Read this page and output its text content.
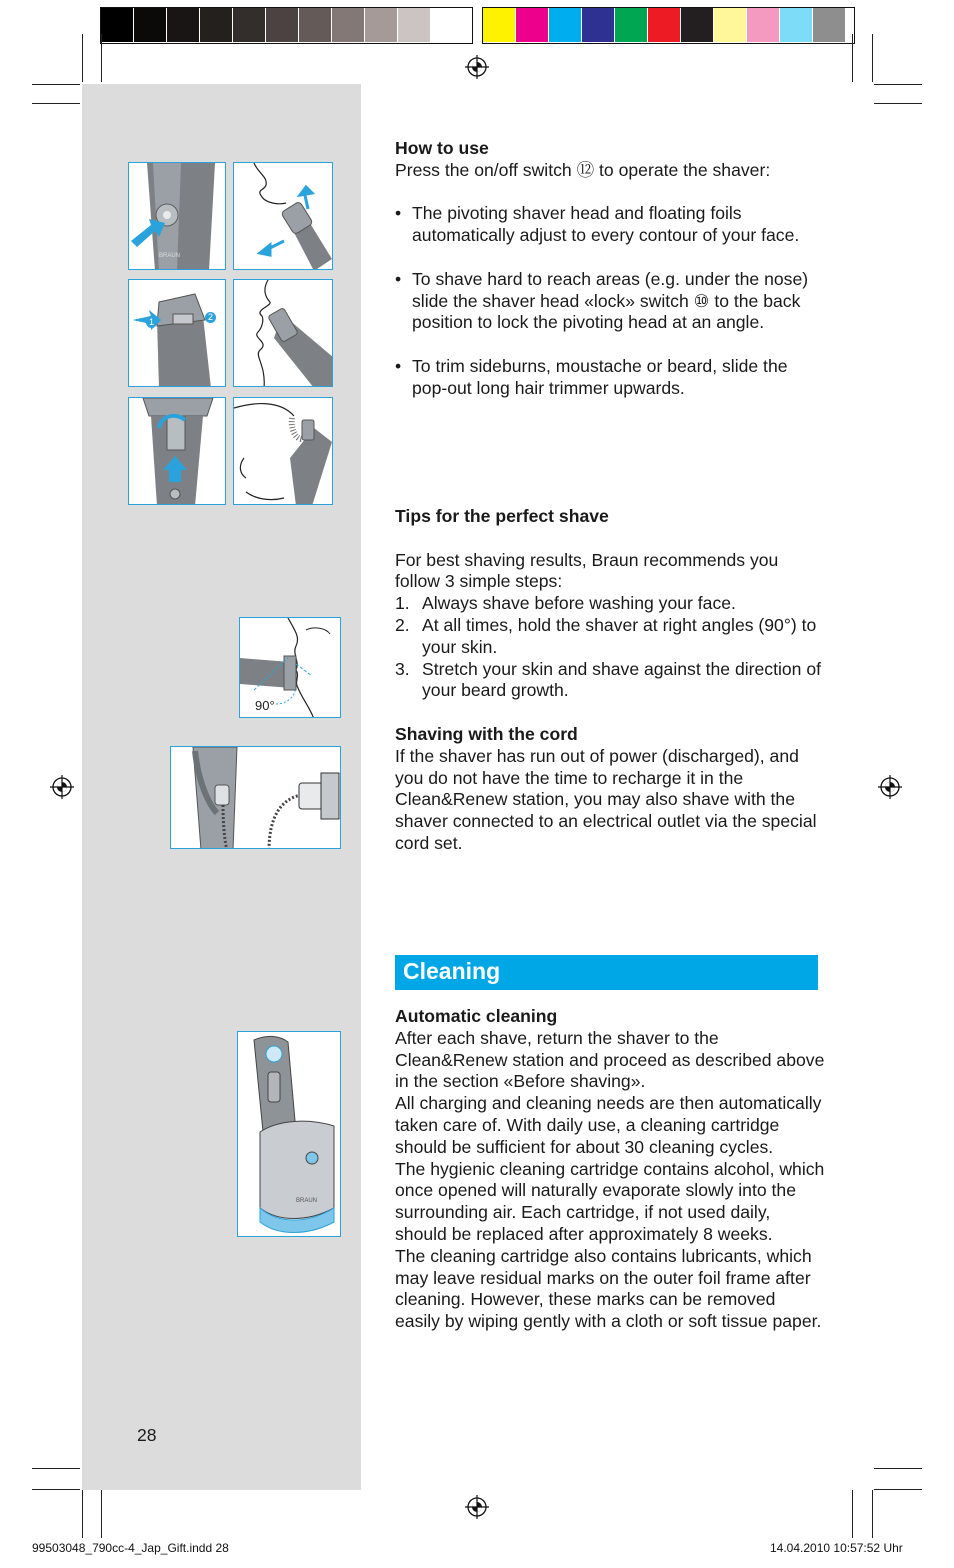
BRAUN
1	2
90°
BRAUN

How to use

Press the on/off switch ⑫ to operate the shaver:

• The pivoting shaver head and floating foils automatically adjust to every contour of your face.

• To shave hard to reach areas (e.g. under the nose) slide the shaver head «lock» switch ⑩ to the back position to lock the pivoting head at an angle.

• To trim sideburns, moustache or beard, slide the pop-out long hair trimmer upwards.

Tips for the perfect shave

For best shaving results, Braun recommends you follow 3 simple steps:

1. Always shave before washing your face.
2. At all times, hold the shaver at right angles (90°) to your skin.
3. Stretch your skin and shave against the direction of your beard growth.

Shaving with the cord

If the shaver has run out of power (discharged), and you do not have the time to recharge it in the Clean&Renew station, you may also shave with the shaver connected to an electrical outlet via the special cord set.

Cleaning

Automatic cleaning

After each shave, return the shaver to the Clean&Renew station and proceed as described above in the section «Before shaving».

All charging and cleaning needs are then automatically taken care of. With daily use, a cleaning cartridge should be sufficient for about 30 cleaning cycles.

The hygienic cleaning cartridge contains alcohol, which once opened will naturally evaporate slowly into the surrounding air. Each cartridge, if not used daily, should be replaced after approximately 8 weeks.

The cleaning cartridge also contains lubricants, which may leave residual marks on the outer foil frame after cleaning. However, these marks can be removed easily by wiping gently with a cloth or soft tissue paper.

28
99503048_790cc-4_Jap_Gift.indd 28	14.04.2010 10:57:52 Uhr
